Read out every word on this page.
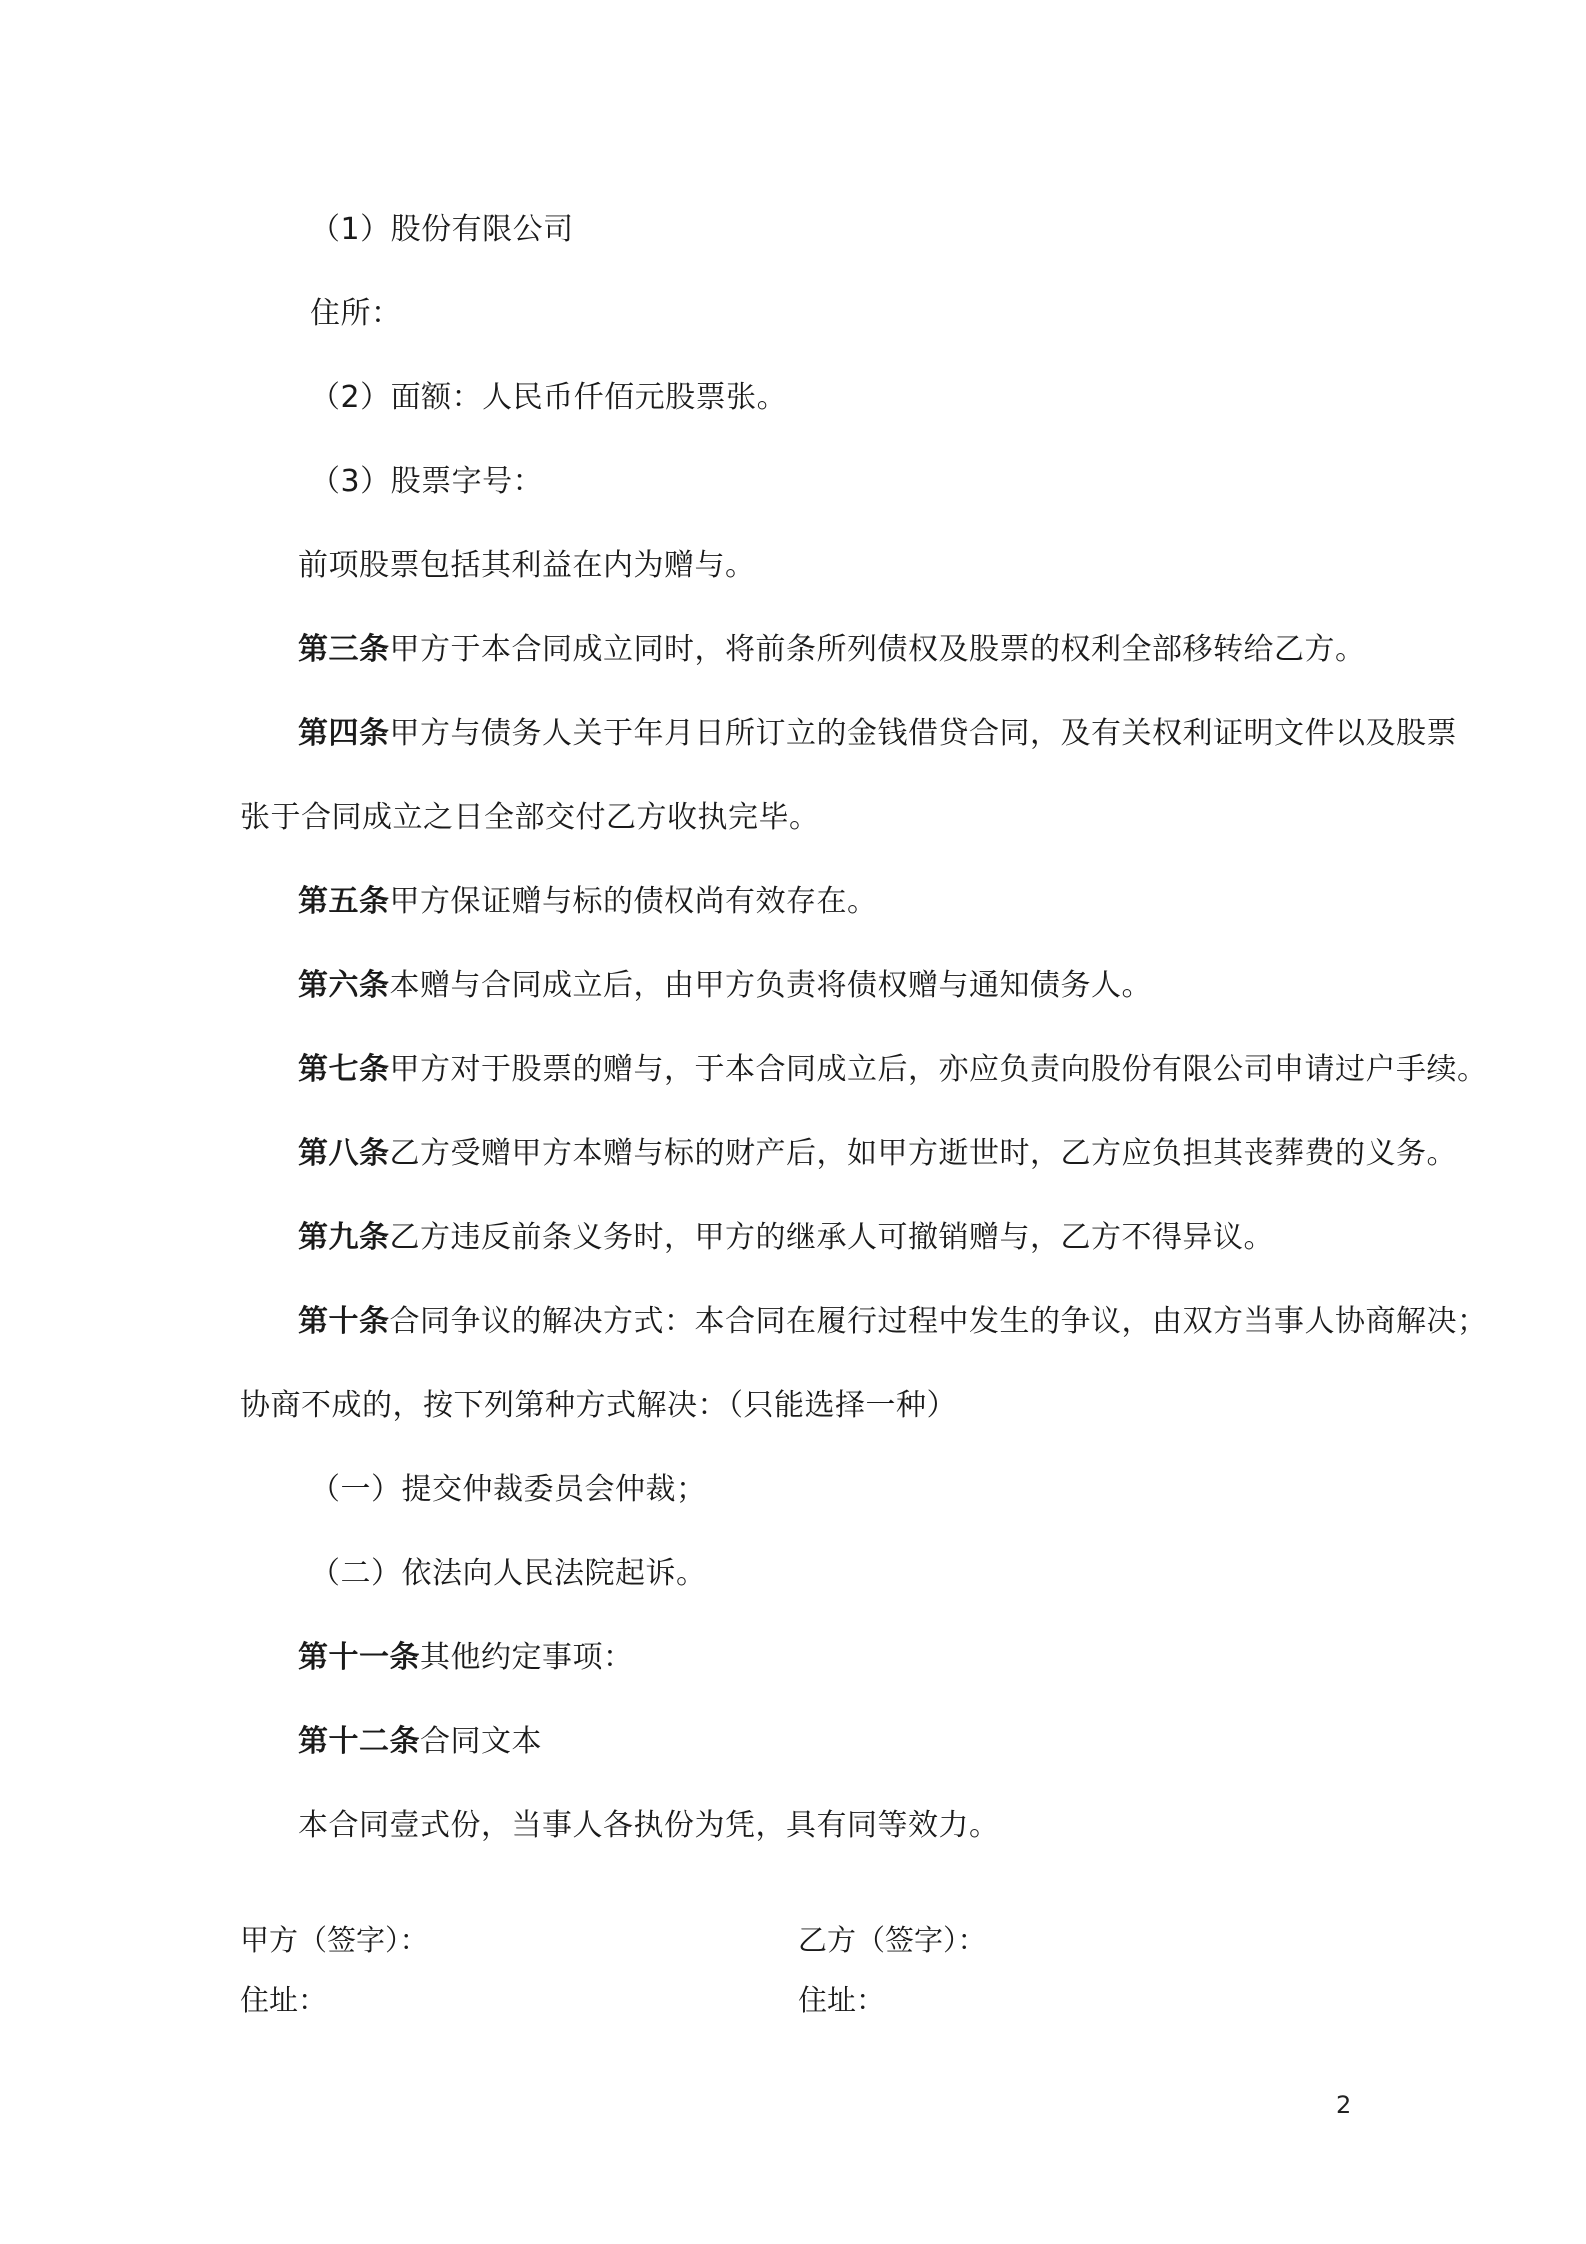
（1）股份有限公司
住所：
（2）面额：人民币仟佰元股票张。
（3）股票字号：
前项股票包括其利益在内为赠与。
第三条甲方于本合同成立同时，将前条所列债权及股票的权利全部移转给乙方。
第四条甲方与债务人关于年月日所订立的金钱借贷合同，及有关权利证明文件以及股票
张于合同成立之日全部交付乙方收执完毕。
第五条甲方保证赠与标的债权尚有效存在。
第六条本赠与合同成立后，由甲方负责将债权赠与通知债务人。
第七条甲方对于股票的赠与，于本合同成立后，亦应负责向股份有限公司申请过户手续。
第八条乙方受赠甲方本赠与标的财产后，如甲方逝世时，乙方应负担其丧葬费的义务。
第九条乙方违反前条义务时，甲方的继承人可撤销赠与，乙方不得异议。
第十条合同争议的解决方式：本合同在履行过程中发生的争议，由双方当事人协商解决；
协商不成的，按下列第种方式解决：（只能选择一种）
（一）提交仲裁委员会仲裁；
（二）依法向人民法院起诉。
第十一条其他约定事项：
第十二条合同文本
本合同壹式份，当事人各执份为凭，具有同等效力。
甲方（签字）：	乙方（签字）：
住址：	住址：
2
